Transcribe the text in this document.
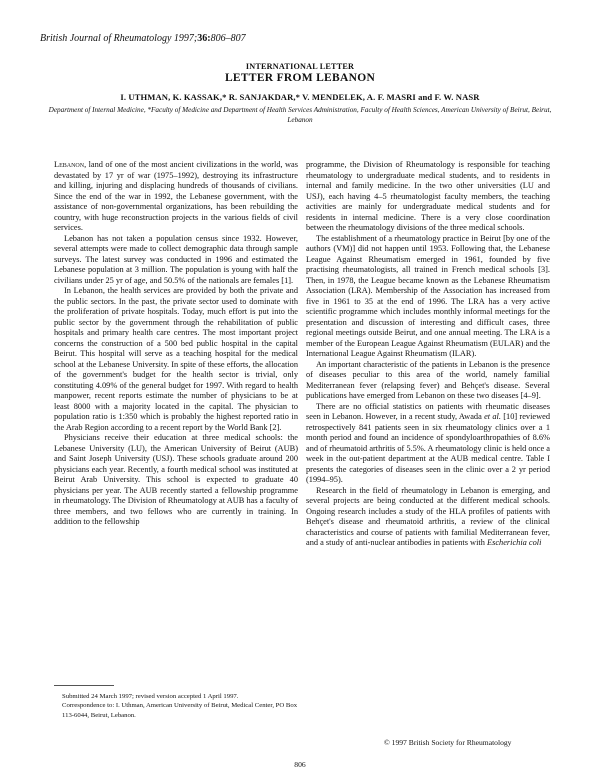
British Journal of Rheumatology 1997;36:806–807
INTERNATIONAL LETTER
LETTER FROM LEBANON
I. UTHMAN, K. KASSAK,* R. SANJAKDAR,* V. MENDELEK, A. F. MASRI and F. W. NASR
Department of Internal Medicine, *Faculty of Medicine and Department of Health Services Administration, Faculty of Health Sciences, American University of Beirut, Beirut, Lebanon

Lebanon, land of one of the most ancient civilizations in the world, was devastated by 17 yr of war (1975–1992), destroying its infrastructure and killing, injuring and displacing hundreds of thousands of civilians. Since the end of the war in 1992, the Lebanese government, with the assistance of non-governmental organizations, has been rebuilding the country, with huge reconstruction projects in the various fields of civil services.

Lebanon has not taken a population census since 1932. However, several attempts were made to collect demographic data through sample surveys. The latest survey was conducted in 1996 and estimated the Lebanese population at 3 million. The population is young with half the civilians under 25 yr of age, and 50.5% of the nationals are females [1].

In Lebanon, the health services are provided by both the private and the public sectors. In the past, the private sector used to dominate with the proliferation of private hospitals. Today, much effort is put into the public sector by the government through the rehabilitation of public hospitals and primary health care centres. The most important project concerns the construction of a 500 bed public hospital in the capital Beirut. This hospital will serve as a teaching hospital for the medical school at the Lebanese University. In spite of these efforts, the allocation of the government's budget for the health sector is trivial, only constituting 4.09% of the general budget for 1997. With regard to health manpower, recent reports estimate the number of physicians to be at least 8000 with a majority located in the capital. The physician to population ratio is 1:350 which is probably the highest reported ratio in the Arab Region according to a recent report by the World Bank [2].

Physicians receive their education at three medical schools: the Lebanese University (LU), the American University of Beirut (AUB) and Saint Joseph University (USJ). These schools graduate around 200 physicians each year. Recently, a fourth medical school was instituted at Beirut Arab University. This school is expected to graduate 40 physicians per year. The AUB recently started a fellowship programme in rheumatology. The Division of Rheumatology at AUB has a faculty of three members, and two fellows who are currently in training. In addition to the fellowship

programme, the Division of Rheumatology is responsible for teaching rheumatology to undergraduate medical students, and to residents in internal and family medicine. In the two other universities (LU and USJ), each having 4–5 rheumatologist faculty members, the teaching activities are mainly for undergraduate medical students and for residents in internal medicine. There is a very close coordination between the rheumatology divisions of the three medical schools.

The establishment of a rheumatology practice in Beirut [by one of the authors (VM)] did not happen until 1953. Following that, the Lebanese League Against Rheumatism emerged in 1961, founded by five practising rheumatologists, all trained in French medical schools [3]. Then, in 1978, the League became known as the Lebanese Rheumatism Association (LRA). Membership of the Association has increased from five in 1961 to 35 at the end of 1996. The LRA has a very active scientific programme which includes monthly informal meetings for the presentation and discussion of interesting and difficult cases, three regional meetings outside Beirut, and one annual meeting. The LRA is a member of the European League Against Rheumatism (EULAR) and the International League Against Rheumatism (ILAR).

An important characteristic of the patients in Lebanon is the presence of diseases peculiar to this area of the world, namely familial Mediterranean fever (relapsing fever) and Behçet's disease. Several publications have emerged from Lebanon on these two diseases [4–9].

There are no official statistics on patients with rheumatic diseases seen in Lebanon. However, in a recent study, Awada et al. [10] reviewed retrospectively 841 patients seen in six rheumatology clinics over a 1 month period and found an incidence of spondyloarthropathies of 8.6% and of rheumatoid arthritis of 5.5%. A rheumatology clinic is held once a week in the out-patient department at the AUB medical centre. Table I presents the categories of diseases seen in the clinic over a 2 yr period (1994–95).

Research in the field of rheumatology in Lebanon is emerging, and several projects are being conducted at the different medical schools. Ongoing research includes a study of the HLA profiles of patients with Behçet's disease and rheumatoid arthritis, a review of the clinical characteristics and course of patients with familial Mediterranean fever, and a study of anti-nuclear antibodies in patients with Escherichia coli

Submitted 24 March 1997; revised version accepted 1 April 1997.
Correspondence to: I. Uthman, American University of Beirut, Medical Center, PO Box 113-6044, Beirut, Lebanon.
© 1997 British Society for Rheumatology
806
